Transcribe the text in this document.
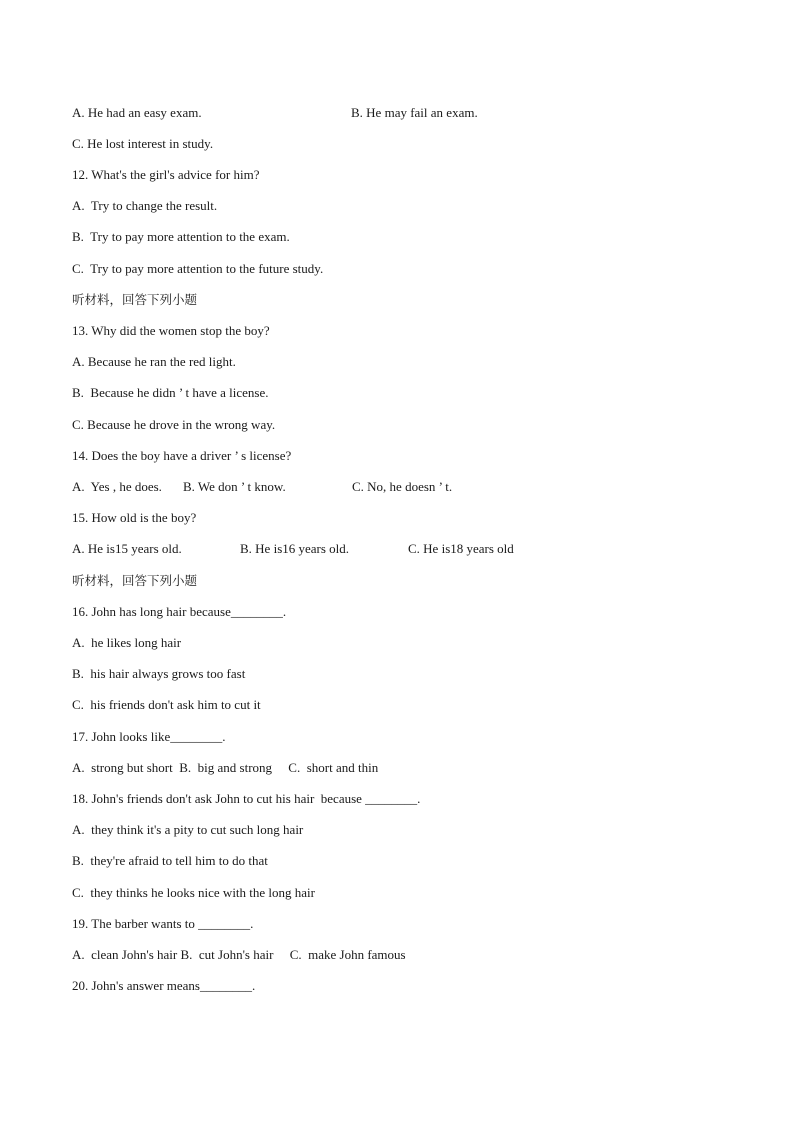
A. He had an easy exam.

	B. He may fail an exam.

C. He lost interest in study.
12. What's the girl's advice for him?
A.  Try to change the result.
B.  Try to pay more attention to the exam.
C.  Try to pay more attention to the future study.
听材料，回答下列小题
13. Why did the women stop the boy?
A. Because he ran the red light.
B.  Because he didn ’ t have a license.
C. Because he drove in the wrong way.
14. Does the boy have a driver ’ s license?

A.  Yes , he does.

B. We don ’ t know.

	C. No, he doesn ’ t.

15. How old is the boy?

A. He is15 years old.

	B. He is16 years old.

	C. He is18 years old

听材料，回答下列小题
16. John has long hair because________.
A.  he likes long hair
B.  his hair always grows too fast
C.  his friends don't ask him to cut it
17. John looks like________.
A.  strong but short  B.  big and strong     C.  short and thin
18. John's friends don't ask John to cut his hair  because ________.
A.  they think it's a pity to cut such long hair
B.  they're afraid to tell him to do that
C.  they thinks he looks nice with the long hair
19. The barber wants to ________.
A.  clean John's hair B.  cut John's hair     C.  make John famous
20. John's answer means________.
